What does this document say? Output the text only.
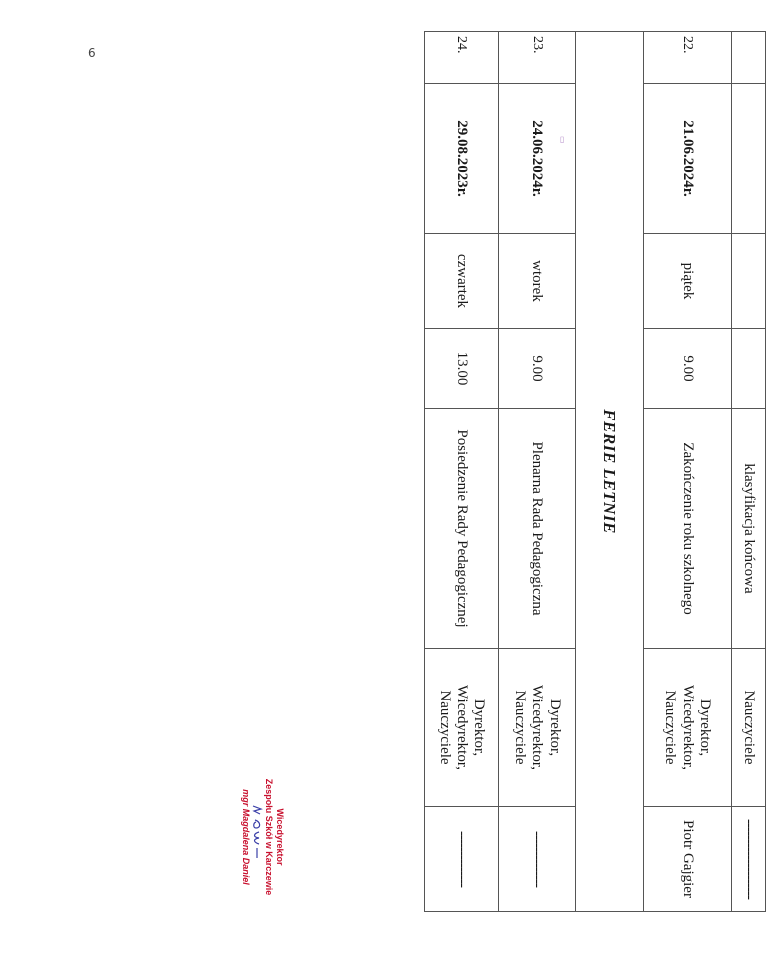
6
▭
				klasyfikacja końcowa	Nauczyciele	--------------------
22.	21.06.2024r.	piątek	9.00	Zakończenie roku szkolnego	Dyrektor,
Wicedyrektor,
Nauczyciele	Piotr Gajgier
FERIE LETNIE						
23.	24.06.2024r.	wtorek	9.00	Plenarna Rada Pedagogiczna	Dyrektor,
Wicedyrektor,
Nauczyciele	--------------
24.	29.08.2023r.	czwartek	13.00	Posiedzenie Rady Pedagogicznej	Dyrektor,
Wicedyrektor,
Nauczyciele	--------------
Wicedyrektor
Zespołu Szkół w Karczewie
mgr Magdalena Daniel
